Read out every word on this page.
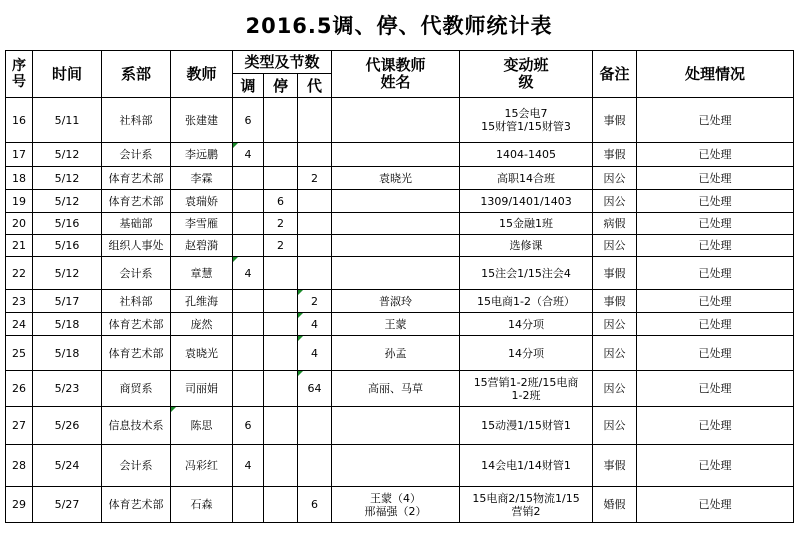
2016.5调、停、代教师统计表
序号	时间	系部	教师	类型及节数			代课教师姓名	变动班级	备注	处理情况
				调	停	代				
16	5/11	社科部	张建建	6				15会电7
15财管1/15财管3	事假	已处理
17	5/12	会计系	李远鹏	4				1404-1405	事假	已处理
18	5/12	体育艺术部	李霖			2	袁晓光	高职14合班	因公	已处理
19	5/12	体育艺术部	袁瑞娇		6			1309/1401/1403	因公	已处理
20	5/16	基础部	李雪雁		2			15金融1班	病假	已处理
21	5/16	组织人事处	赵碧漪		2			选修课	因公	已处理
22	5/12	会计系	章慧	4				15注会1/15注会4	事假	已处理
23	5/17	社科部	孔维海			2	普淑玲	15电商1-2（合班）	事假	已处理
24	5/18	体育艺术部	庞然			4	王蒙	14分项	因公	已处理
25	5/18	体育艺术部	袁晓光			4	孙孟	14分项	因公	已处理
26	5/23	商贸系	司丽娟			64	高丽、马草	15营销1-2班/15电商
1-2班	因公	已处理
27	5/26	信息技术系	陈思	6				15动漫1/15财管1	因公	已处理
28	5/24	会计系	冯彩红	4				14会电1/14财管1	事假	已处理
29	5/27	体育艺术部	石森			6	王蒙（4）
邢福强（2）	15电商2/15物流1/15
营销2	婚假	已处理
